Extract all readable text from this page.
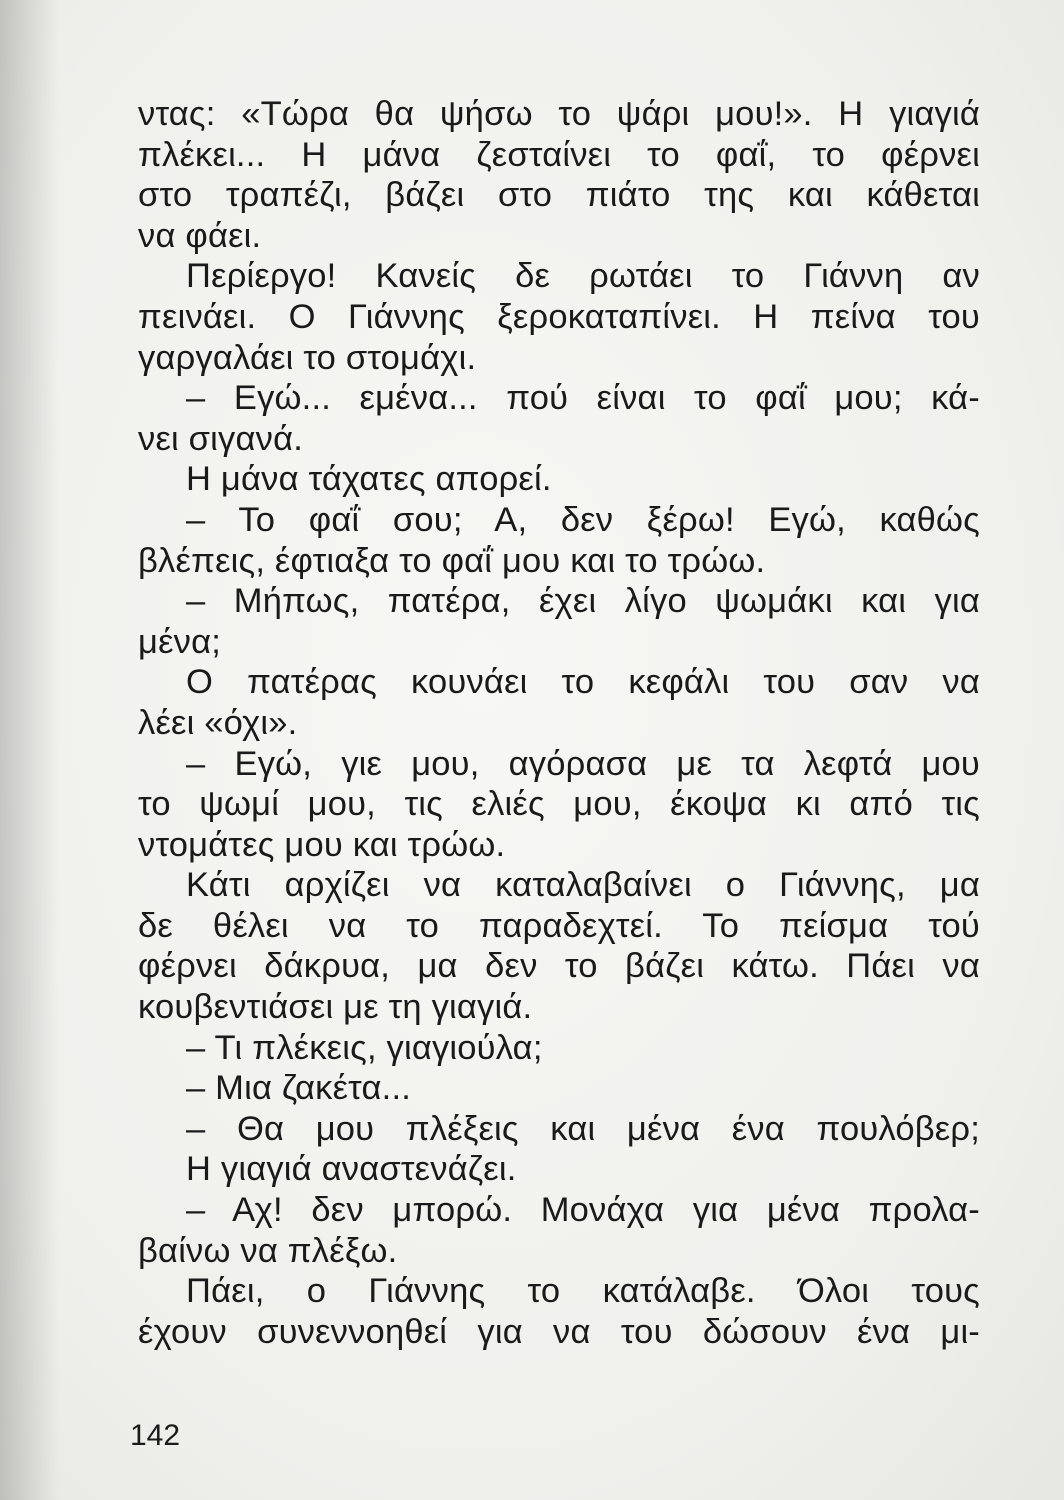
ντας: «Τώρα θα ψήσω το ψάρι μου!». Η γιαγιά
πλέκει... Η μάνα ζεσταίνει το φαΐ, το φέρνει
στο τραπέζι, βάζει στο πιάτο της και κάθεται
να φάει.
Περίεργο! Κανείς δε ρωτάει το Γιάννη αν
πεινάει. Ο Γιάννης ξεροκαταπίνει. Η πείνα του
γαργαλάει το στομάχι.
– Εγώ... εμένα... πού είναι το φαΐ μου; κά-
νει σιγανά.
Η μάνα τάχατες απορεί.
– Το φαΐ σου; Α, δεν ξέρω! Εγώ, καθώς
βλέπεις, έφτιαξα το φαΐ μου και το τρώω.
– Μήπως, πατέρα, έχει λίγο ψωμάκι και για
μένα;
Ο πατέρας κουνάει το κεφάλι του σαν να
λέει «όχι».
– Εγώ, γιε μου, αγόρασα με τα λεφτά μου
το ψωμί μου, τις ελιές μου, έκοψα κι από τις
ντομάτες μου και τρώω.
Κάτι αρχίζει να καταλαβαίνει ο Γιάννης, μα
δε θέλει να το παραδεχτεί. Το πείσμα τού
φέρνει δάκρυα, μα δεν το βάζει κάτω. Πάει να
κουβεντιάσει με τη γιαγιά.
– Τι πλέκεις, γιαγιούλα;
– Μια ζακέτα...
– Θα μου πλέξεις και μένα ένα πουλόβερ;
Η γιαγιά αναστενάζει.
– Αχ! δεν μπορώ. Μονάχα για μένα προλα-
βαίνω να πλέξω.
Πάει, ο Γιάννης το κατάλαβε. Όλοι τους
έχουν συνεννοηθεί για να του δώσουν ένα μι-
142
